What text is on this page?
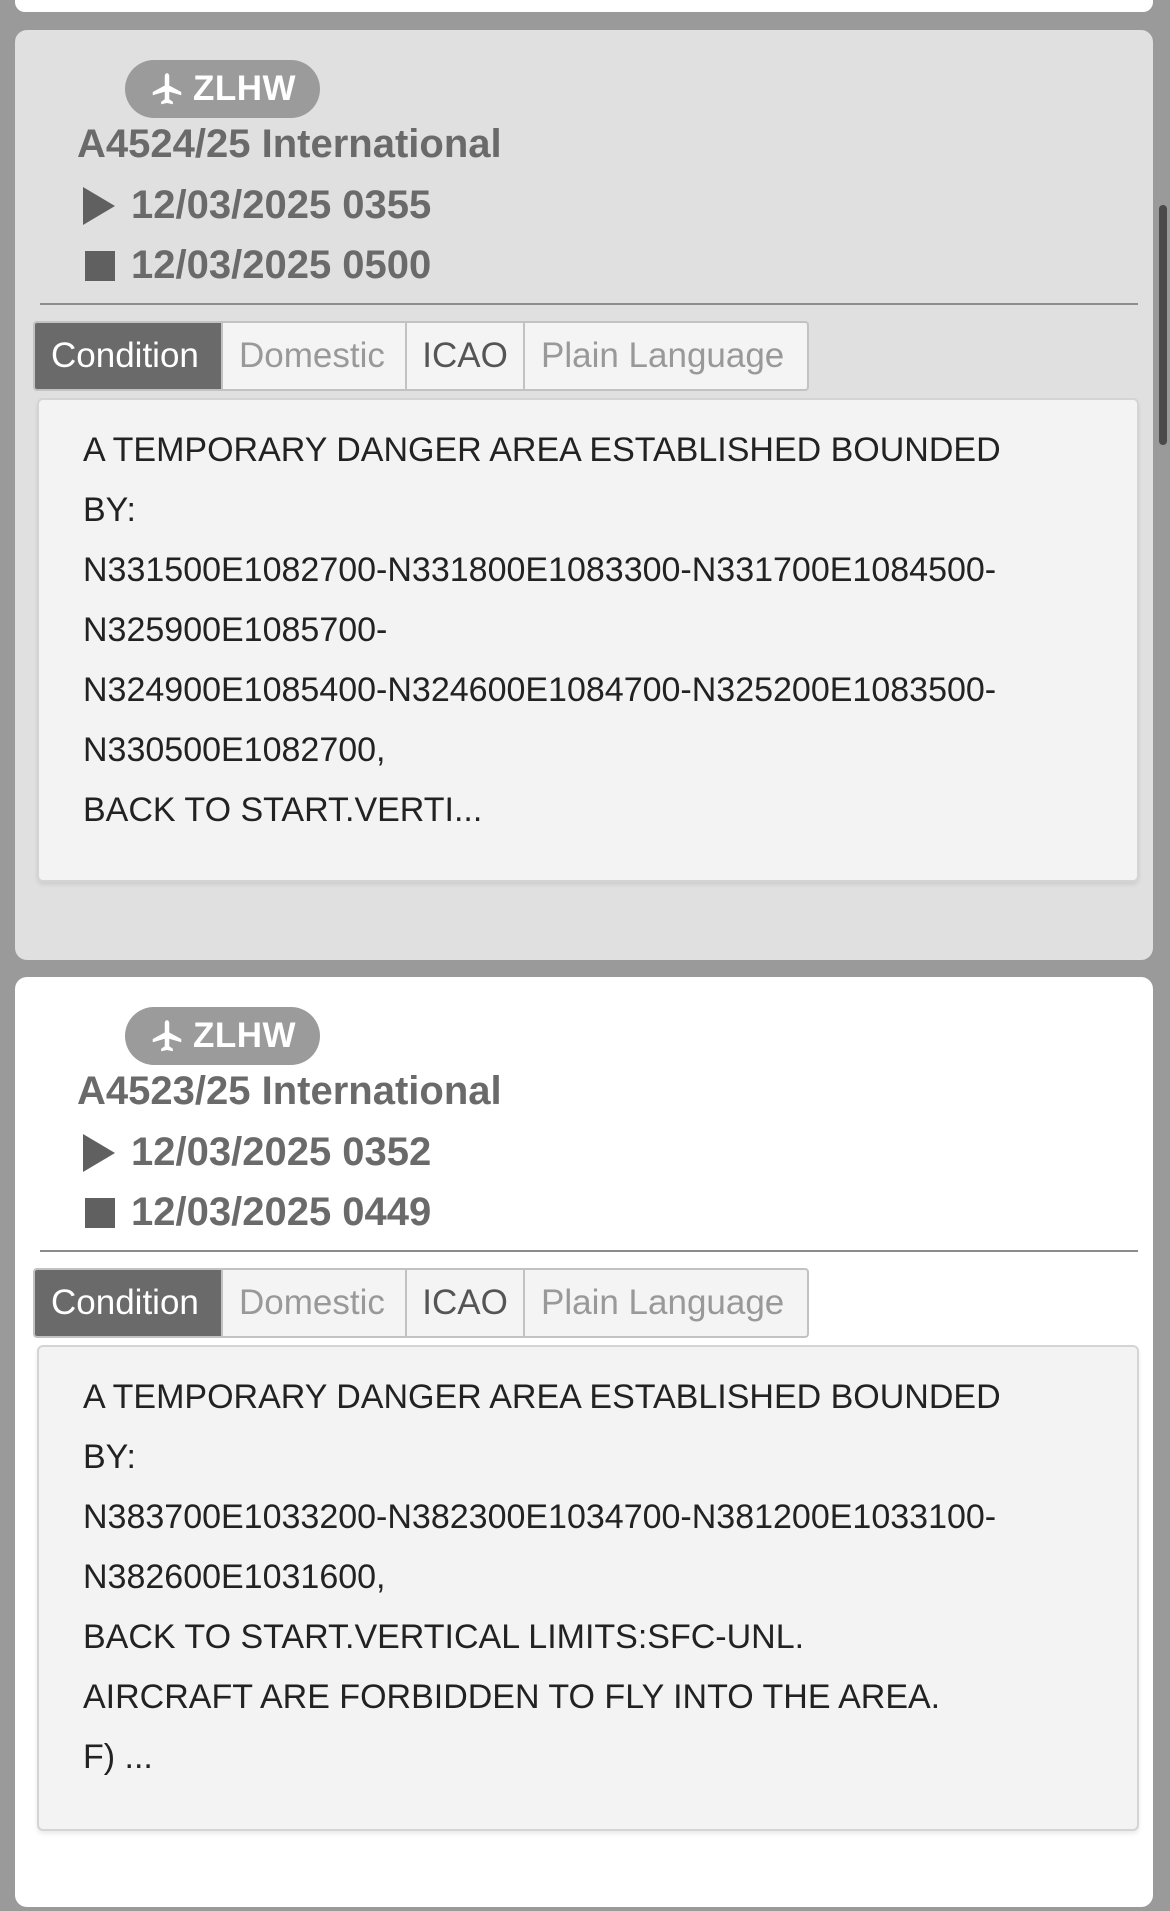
ZLHW
A4524/25 International
12/03/2025 0355
12/03/2025 0500
Condition	Domestic	ICAO Plain Language
A TEMPORARY DANGER AREA ESTABLISHED BOUNDED
BY:
N331500E1082700-N331800E1083300-N331700E1084500-
N325900E1085700-
N324900E1085400-N324600E1084700-N325200E1083500-
N330500E1082700,
BACK TO START.VERTI...
ZLHW
A4523/25 International
12/03/2025 0352
12/03/2025 0449
Condition	Domestic	ICAO Plain Language
A TEMPORARY DANGER AREA ESTABLISHED BOUNDED
BY:
N383700E1033200-N382300E1034700-N381200E1033100-
N382600E1031600,
BACK TO START.VERTICAL LIMITS:SFC-UNL.
AIRCRAFT ARE FORBIDDEN TO FLY INTO THE AREA.
F) ...
